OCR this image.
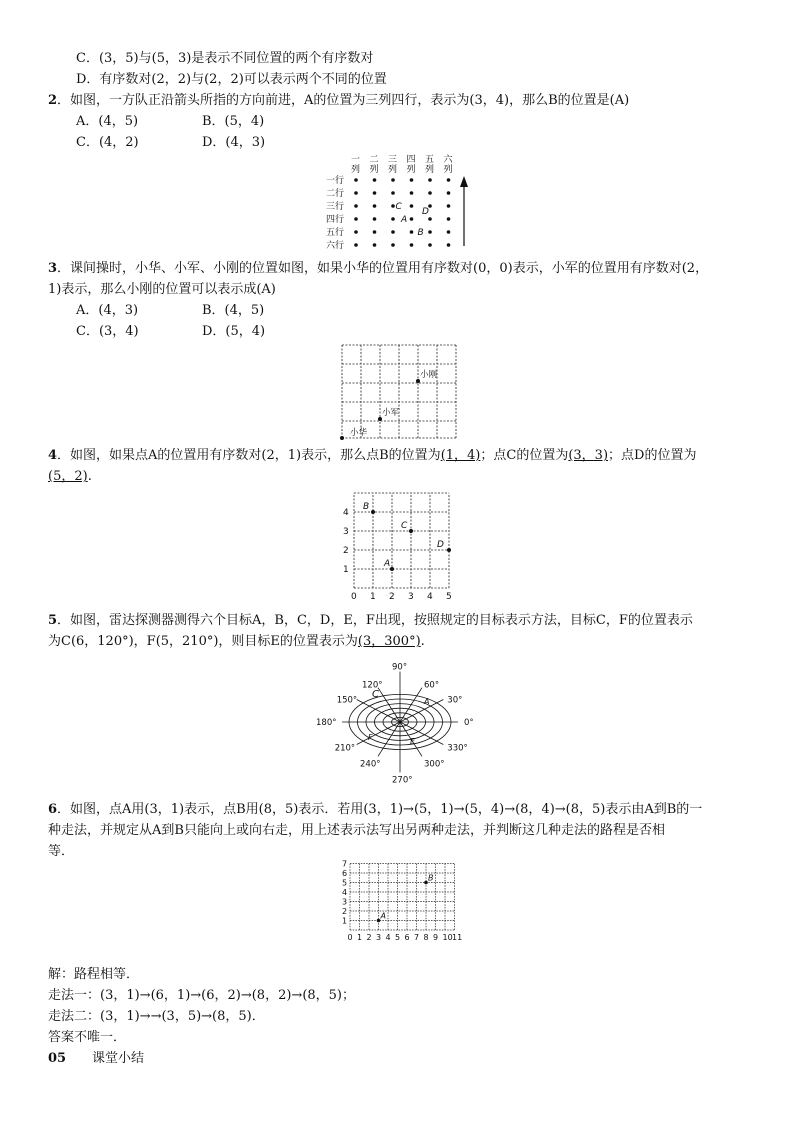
C．(3，5)与(5，3)是表示不同位置的两个有序数对
D．有序数对(2，2)与(2，2)可以表示两个不同的位置
2．如图，一方队正沿箭头所指的方向前进，A的位置为三列四行，表示为(3，4)，那么B的位置是(A)
A．(4，5)	B．(5，4)
C．(4，2)	D．(4，3)
一
列
二
列
三
列
四
列
五
列
六
列
一行
二行
三行
四行
五行
六行
A
B
C D
3．课间操时，小华、小军、小刚的位置如图，如果小华的位置用有序数对(0，0)表示，小军的位置用有序数对(2，
1)表示，那么小刚的位置可以表示成(A)
A．(4，3)	B．(4，5)
C．(3，4)	D．(5，4)
小刚
小军
小华
4．如图，如果点A的位置用有序数对(2，1)表示，那么点B的位置为(1，4)；点C的位置为(3，3)；点D的位置为
(5，2).
0 1 2 3 4 5
1
2
3
4
A
B
C
D
5．如图，雷达探测器测得六个目标A，B，C，D，E，F出现，按照规定的目标表示方法，目标C，F的位置表示
为C(6，120°)，F(5，210°)，则目标E的位置表示为(3，300°).
0°
30°
60°
90°
120°
150°
180°
210°
240°
270°
300°
330°
C
A
F	E
6．如图，点A用(3，1)表示，点B用(8，5)表示．若用(3，1)→(5，1)→(5，4)→(8，4)→(8，5)表示由A到B的一
种走法，并规定从A到B只能向上或向右走，用上述表示法写出另两种走法，并判断这几种走法的路程是否相
等．
0 1 2 3 4 5 6 7 8 9 10 11
1
2
3
4
5
6
7
A
B
解：路程相等．
走法一：(3，1)→(6，1)→(6，2)→(8，2)→(8，5)；
走法二：(3，1)→→(3，5)→(8，5)．
答案不唯一．
05 课堂小结
